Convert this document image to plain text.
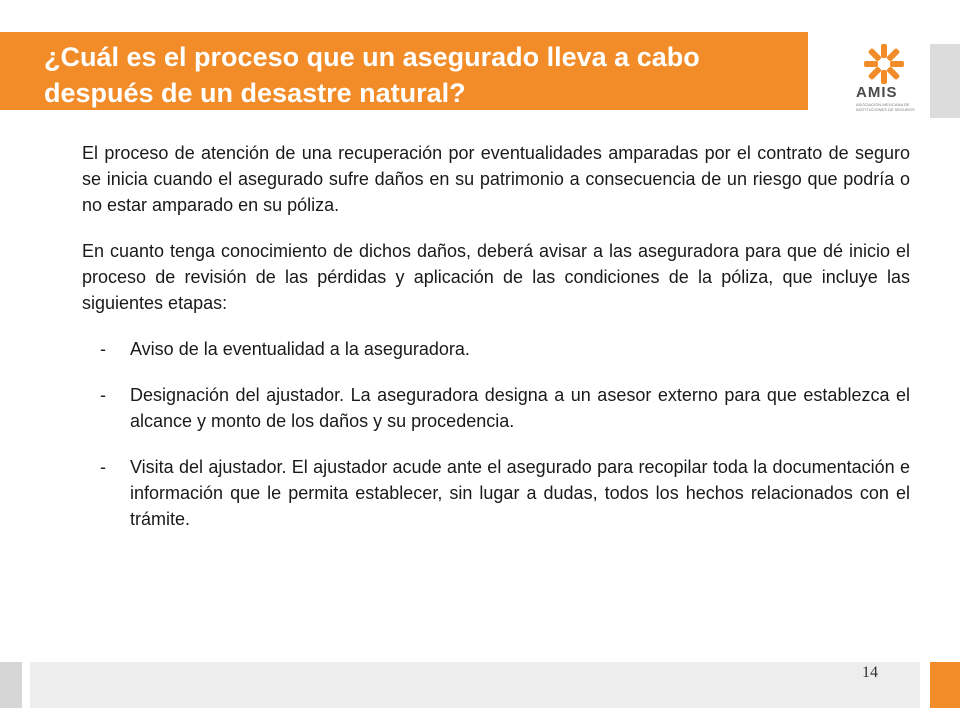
¿Cuál es el proceso que un asegurado lleva a cabo después de un desastre natural?	AMIS
ASOCIACIÓN MEXICANA DE INSTITUCIONES DE SEGUROS

El proceso de atención de una recuperación por eventualidades amparadas por el contrato de seguro se inicia cuando el asegurado sufre daños en su patrimonio a consecuencia de un riesgo que podría o no estar amparado en su póliza.

En cuanto tenga conocimiento de dichos daños, deberá avisar a las aseguradora para que dé inicio el proceso de revisión de las pérdidas y aplicación de las condiciones de la póliza, que incluye las siguientes etapas:

- Aviso de la eventualidad a la aseguradora.
- Designación del ajustador. La aseguradora designa a un asesor externo para que establezca el alcance y monto de los daños y su procedencia.
- Visita del ajustador. El ajustador acude ante el asegurado para recopilar toda la documentación e información que le permita establecer, sin lugar a dudas, todos los hechos relacionados con el trámite.
14
